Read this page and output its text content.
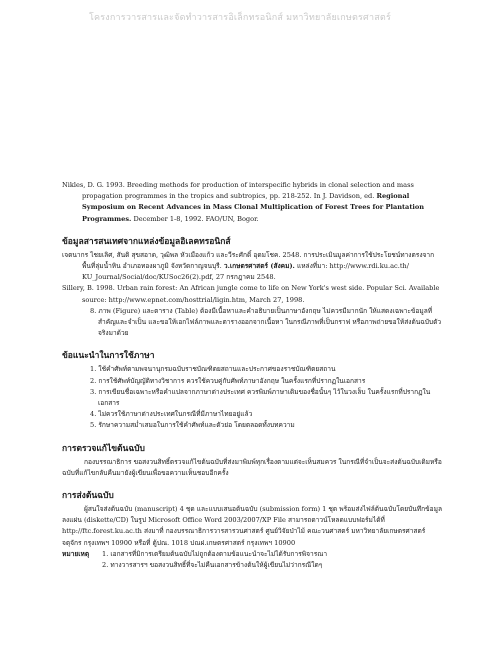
โครงการวารสารและจัดทำวารสารอิเล็กทรอนิกส์ มหาวิทยาลัยเกษตรศาสตร์

Nikles, D. G. 1993. Breeding methods for production of interspecific hybrids in clonal selection and mass propagation programmes in the tropics and subtropics, pp. 218-252. In J. Davidson, ed. Regional Symposium on Recent Advances in Mass Clonal Multiplication of Forest Trees for Plantation Programmes. December 1-8, 1992. FAO/UN, Bogor.

ข้อมูลสารสนเทศจากแหล่งข้อมูลอิเลคทรอนิกส์

เจตนากร ไชยเลิศ, สันติ สุขสอาด, วุฒิพล หัวเมืองแก้ว และวีระศักดิ์ อุดมโชค. 2548. การประเมินมูลค่าการใช้ประโยชน์ทางตรงจากพื้นที่ลุ่มน้ำหิน อำเภอทองผาภูมิ จังหวัดกาญจนบุรี. ว.เกษตรศาสตร์ (สังคม). แหล่งที่มา: http://www.rdi.ku.ac.th/ KU_Journal/Social/doc/KUSoc26(2).pdf, 27 กรกฎาคม 2548.

Sillery, B. 1998. Urban rain forest: An African jungle come to life on New York's west side. Popular Sci. Available source: http://www.epnet.com/hosttrial/ligin.htm, March 27, 1998.

8. ภาพ (Figure) และตาราง (Table) ต้องมีเนื้อหาและคำอธิบายเป็นภาษาอังกฤษ ไม่ควรมีมากนัก ให้แสดงเฉพาะข้อมูลที่สำคัญและจำเป็น และขอให้เอกไฟล์ภาพและตารางออกจากเนื้อหา ในกรณีภาพที่เป็นกราฟ หรือภาพถ่ายขอให้ส่งต้นฉบับตัวจริงมาด้วย

ข้อแนะนำในการใช้ภาษา

1. ใช้คำศัพท์ตามพจนานุกรมฉบับราชบัณฑิตยสถานและประกาศของราชบัณฑิตยสถาน

2. การใช้ศัพท์บัญญัติทางวิชาการ ควรใช้ควบคู่กับศัพท์ภาษาอังกฤษ ในครั้งแรกที่ปรากฏในเอกสาร

3. การเขียนชื่อเฉพาะหรือคำแปลจากภาษาต่างประเทศ ควรพิมพ์ภาษาเดิมของชื่อนั้นๆ ไว้ในวงเล็บ ในครั้งแรกที่ปรากฏในเอกสาร

4. ไม่ควรใช้ภาษาต่างประเทศในกรณีที่มีภาษาไทยอยู่แล้ว

5. รักษาความสม่ำเสมอในการใช้คำศัพท์และตัวย่อ โดยตลอดทั้งบทความ

การตรวจแก้ไขต้นฉบับ

กองบรรณาธิการ ขอสงวนสิทธิ์ตรวจแก้ไขต้นฉบับที่ส่งมาพิมพ์ทุกเรื่องตามแต่จะเห็นสมควร ในกรณีที่จำเป็นจะส่งต้นฉบับเดิมหรือฉบับที่แก้ไขกลับคืนมายังผู้เขียนเพื่อขอความเห็นชอบอีกครั้ง

การส่งต้นฉบับ

ผู้สนใจส่งต้นฉบับ (manuscript) 4 ชุด และแบบเสนอต้นฉบับ (submission form) 1 ชุด พร้อมส่งไฟล์ต้นฉบับโดยบันทึกข้อมูลลงแผ่น (diskette/CD) ในรูป Microsoft Office Word 2003/2007/XP File สามารถดาวน์โหลดแบบฟอร์มได้ที่ http://ftc.forest.ku.ac.th ส่งมาที่ กองบรรณาธิการวารสารวนศาสตร์ ศูนย์วิจัยป่าไม้ คณะวนศาสตร์ มหาวิทยาลัยเกษตรศาสตร์ จตุจักร กรุงเทพฯ 10900 หรือที่ ตู้ปณ. 1018 ปณฝ.เกษตรศาสตร์ กรุงเทพฯ 10900

หมายเหตุ	1. เอกสารที่มิการเตรียมต้นฉบับไม่ถูกต้องตามข้อแนะนำจะไม่ได้รับการพิจารณา
2. ทางวารสารฯ ขอสงวนสิทธิ์ที่จะไม่คืนเอกสารข้างต้นให้ผู้เขียนไม่ว่ากรณีใดๆ
